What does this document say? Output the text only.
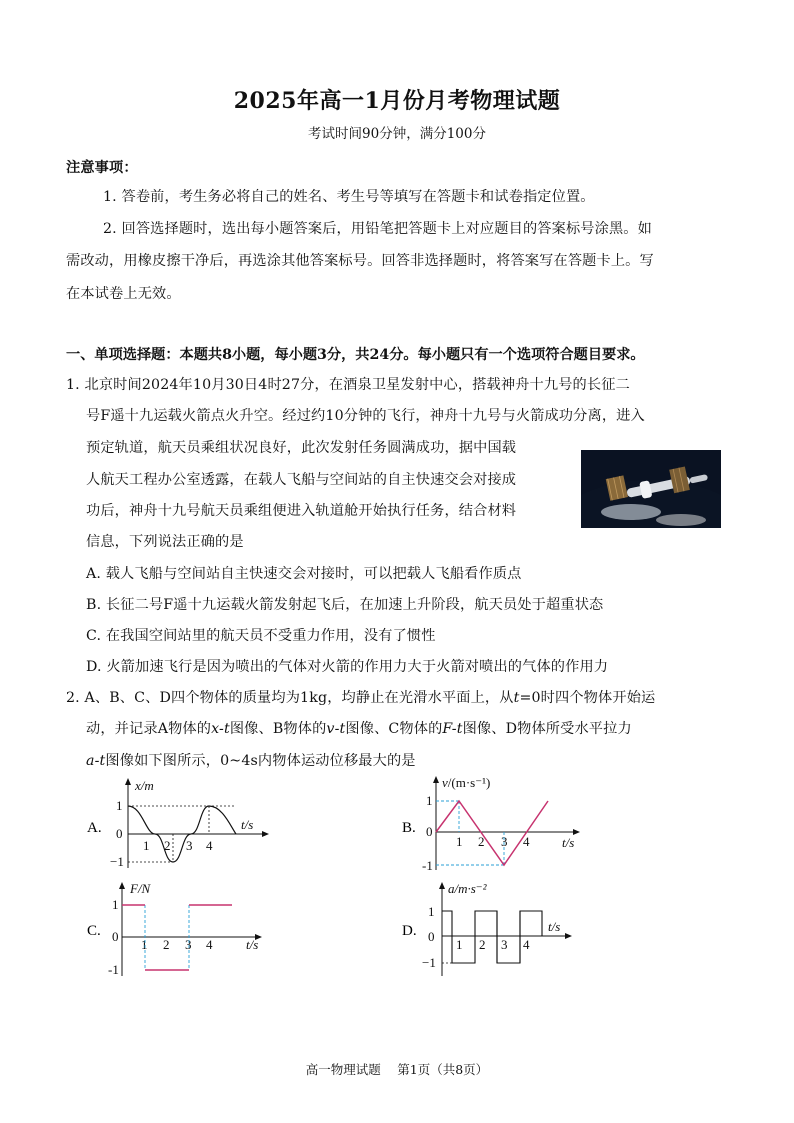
2025年高一1月份月考物理试题
考试时间90分钟，满分100分
注意事项：
1. 答卷前，考生务必将自己的姓名、考生号等填写在答题卡和试卷指定位置。
2. 回答选择题时，选出每小题答案后，用铅笔把答题卡上对应题目的答案标号涂黑。如
需改动，用橡皮擦干净后，再选涂其他答案标号。回答非选择题时，将答案写在答题卡上。写
在本试卷上无效。
一、单项选择题：本题共8小题，每小题3分，共24分。每小题只有一个选项符合题目要求。
1. 北京时间2024年10月30日4时27分，在酒泉卫星发射中心，搭载神舟十九号的长征二
号F遥十九运载火箭点火升空。经过约10分钟的飞行，神舟十九号与火箭成功分离，进入
预定轨道，航天员乘组状况良好，此次发射任务圆满成功，据中国载
人航天工程办公室透露，在载人飞船与空间站的自主快速交会对接成
功后，神舟十九号航天员乘组便进入轨道舱开始执行任务，结合材料
信息，下列说法正确的是
A. 载人飞船与空间站自主快速交会对接时，可以把载人飞船看作质点
B. 长征二号F遥十九运载火箭发射起飞后，在加速上升阶段，航天员处于超重状态
C. 在我国空间站里的航天员不受重力作用，没有了惯性
D. 火箭加速飞行是因为喷出的气体对火箭的作用力大于火箭对喷出的气体的作用力
2. A、B、C、D四个物体的质量均为1kg，均静止在光滑水平面上，从t=0时四个物体开始运
动，并记录A物体的x-t图像、B物体的v-t图像、C物体的F-t图像、D物体所受水平拉力
a-t图像如下图所示，0~4s内物体运动位移最大的是
A.
x/m
t/s
1
0
−1
1 2 3 4
B.
v/(m·s⁻¹)
t/s
1
0
-1
1 2 3 4
C.
F/N
t/s
1
0
-1
1 2 3 4
D.
a/m·s⁻²
t/s
1
0
−1
1 2 3 4
高一物理试题　 第1页（共8页）
